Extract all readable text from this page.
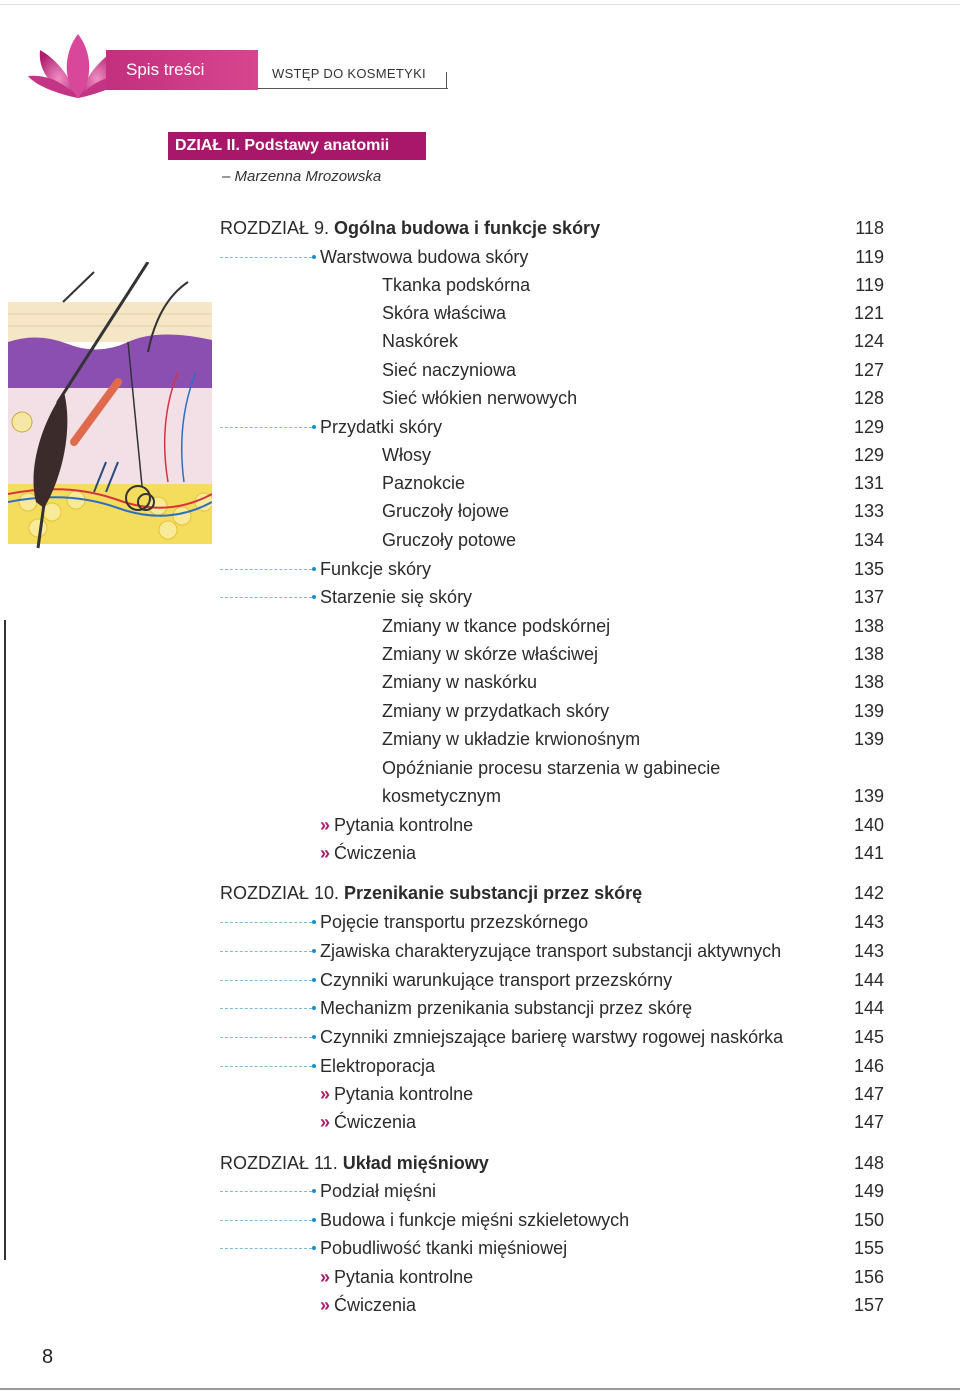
Spis treści	WSTĘP DO KOSMETYKI
DZIAŁ II. Podstawy anatomii
– Marzenna Mrozowska
ROZDZIAŁ 9. Ogólna budowa i funkcje skóry	118
Warstwowa budowa skóry	119
Tkanka podskórna	119
Skóra właściwa	121
Naskórek	124
Sieć naczyniowa	127
Sieć włókien nerwowych	128
Przydatki skóry	129
Włosy	129
Paznokcie	131
Gruczoły łojowe	133
Gruczoły potowe	134
Funkcje skóry	135
Starzenie się skóry	137
Zmiany w tkance podskórnej	138
Zmiany w skórze właściwej	138
Zmiany w naskórku	138
Zmiany w przydatkach skóry	139
Zmiany w układzie krwionośnym	139
Opóźnianie procesu starzenia w gabinecie
kosmetycznym	139
» Pytania kontrolne	140
» Ćwiczenia	141
ROZDZIAŁ 10. Przenikanie substancji przez skórę	142
Pojęcie transportu przezskórnego	143
Zjawiska charakteryzujące transport substancji aktywnych	143
Czynniki warunkujące transport przezskórny	144
Mechanizm przenikania substancji przez skórę	144
Czynniki zmniejszające barierę warstwy rogowej naskórka	145
Elektroporacja	146
» Pytania kontrolne	147
» Ćwiczenia	147
ROZDZIAŁ 11. Układ mięśniowy	148
Podział mięśni	149
Budowa i funkcje mięśni szkieletowych	150
Pobudliwość tkanki mięśniowej	155
» Pytania kontrolne	156
» Ćwiczenia	157
8
